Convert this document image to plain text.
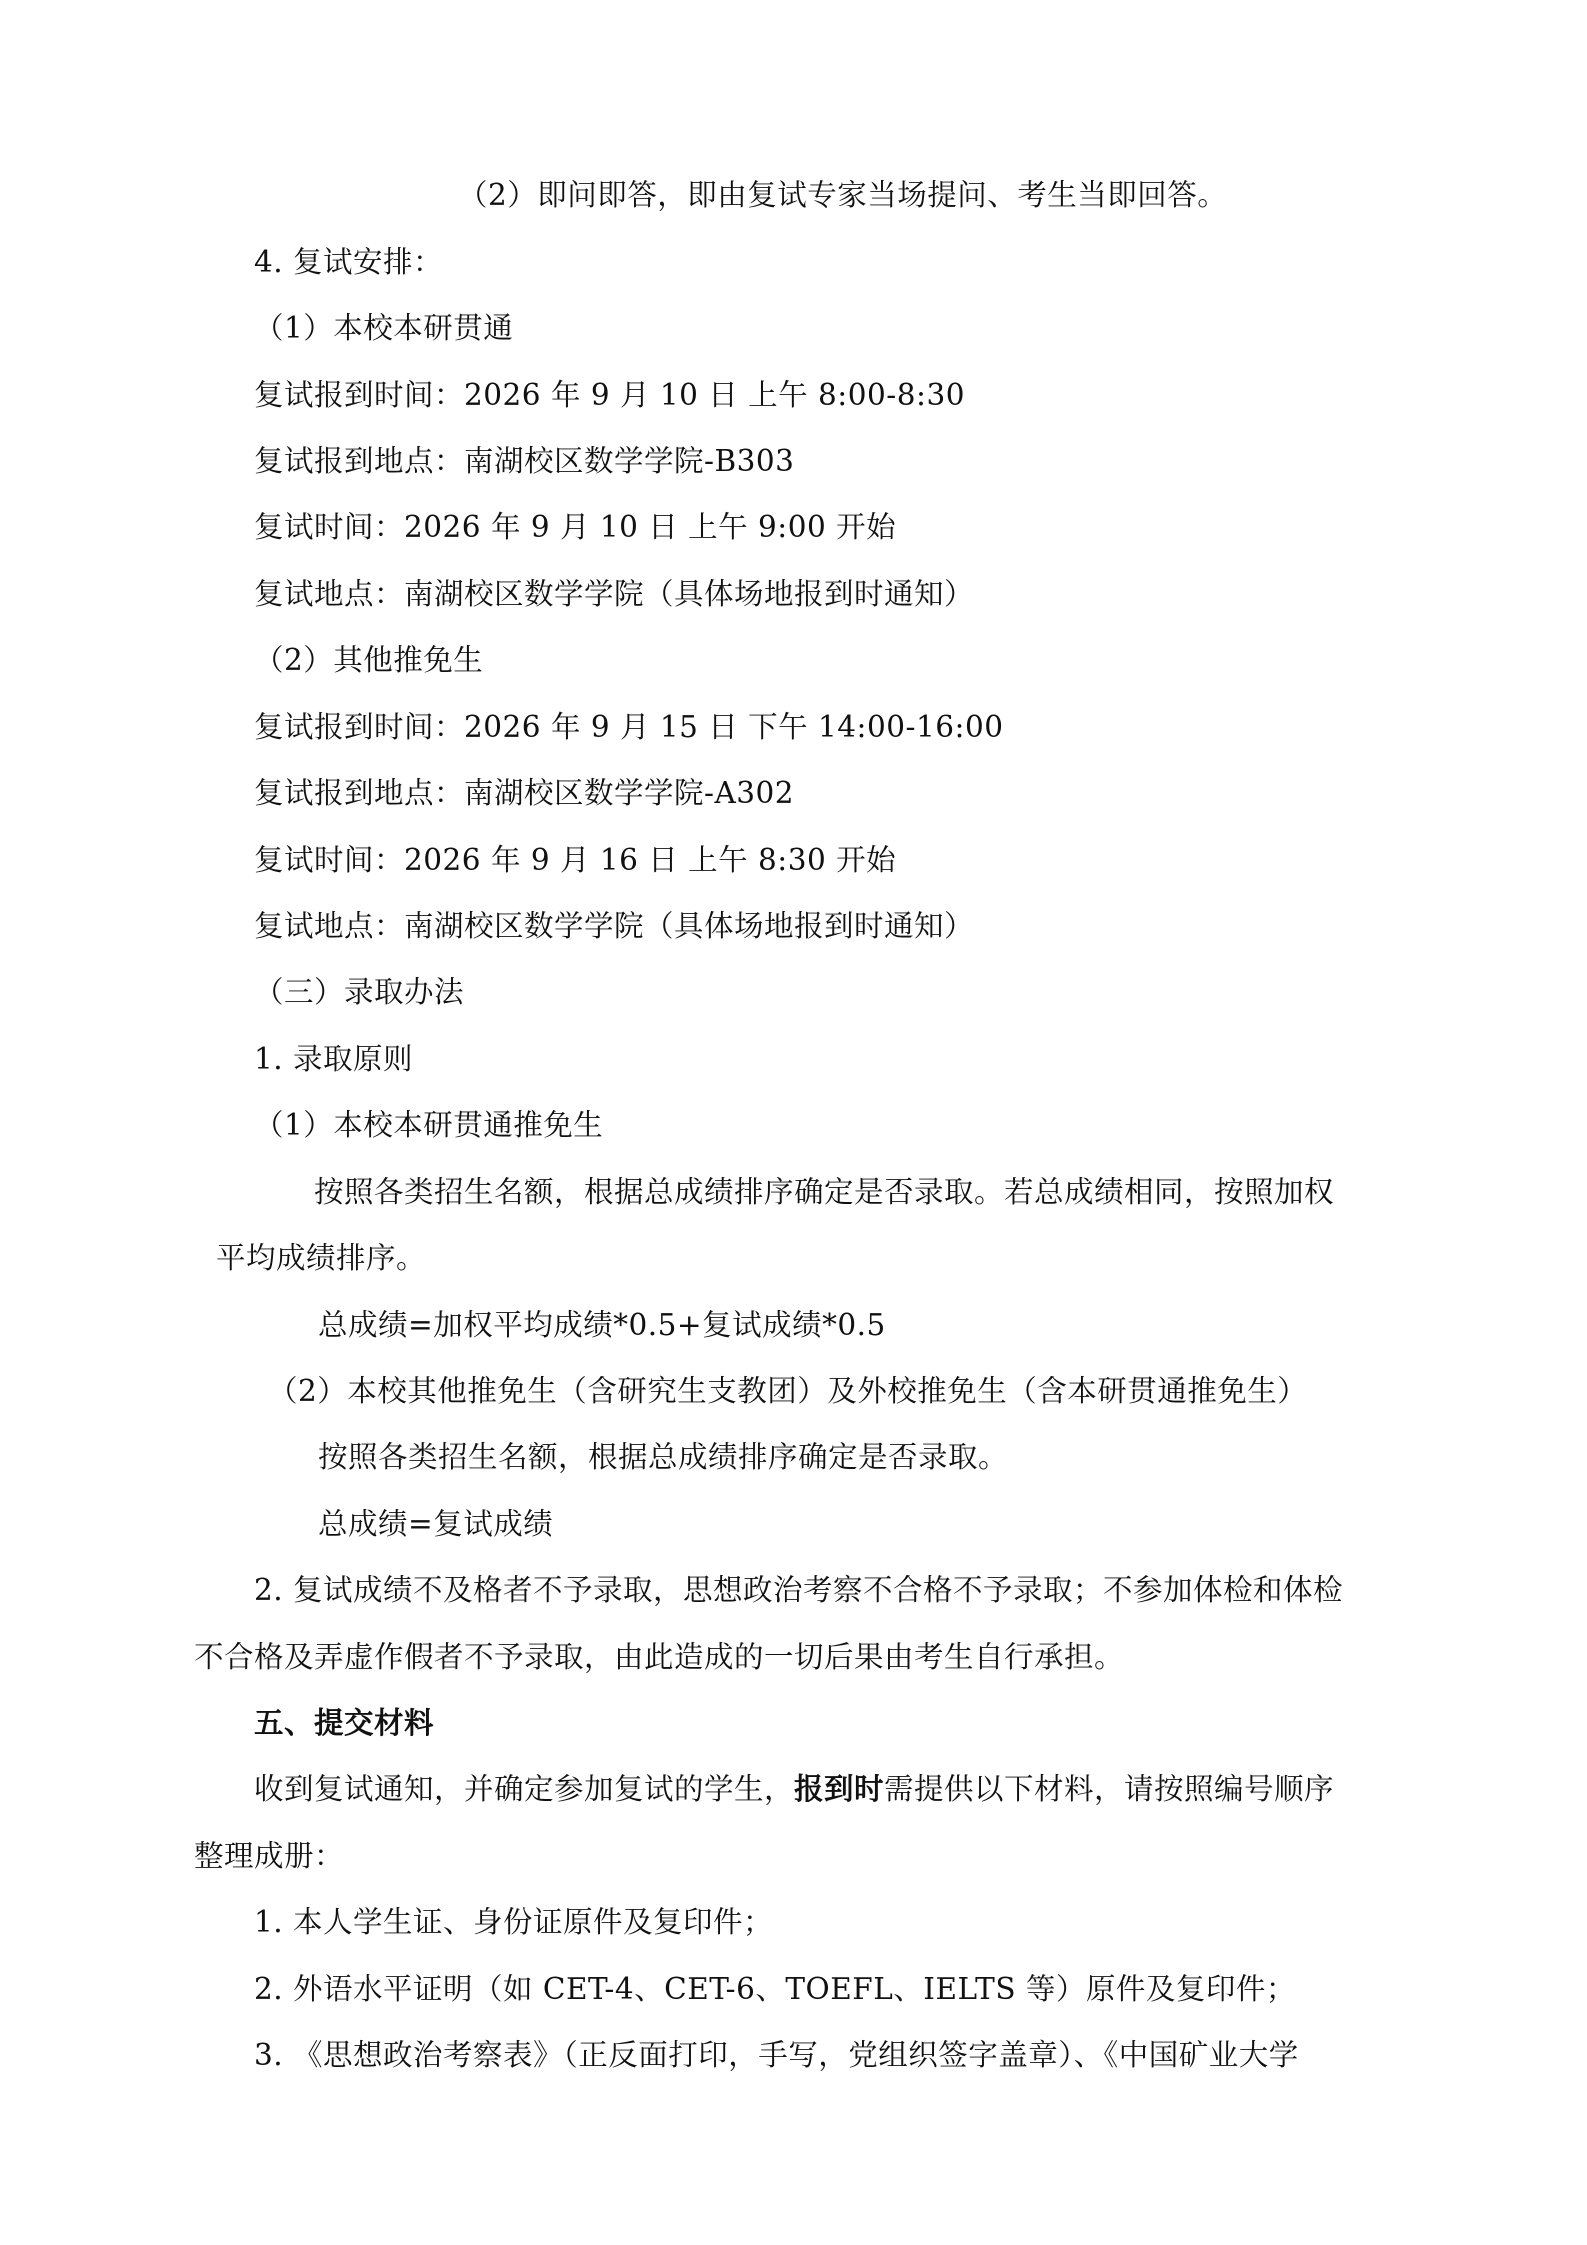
（2）即问即答，即由复试专家当场提问、考生当即回答。
4. 复试安排：
（1）本校本研贯通
复试报到时间：2026 年 9 月 10 日 上午 8:00-8:30
复试报到地点：南湖校区数学学院-B303
复试时间：2026 年 9 月 10 日 上午 9:00 开始
复试地点：南湖校区数学学院（具体场地报到时通知）
（2）其他推免生
复试报到时间：2026 年 9 月 15 日 下午 14:00-16:00
复试报到地点：南湖校区数学学院-A302
复试时间：2026 年 9 月 16 日 上午 8:30 开始
复试地点：南湖校区数学学院（具体场地报到时通知）
（三）录取办法
1. 录取原则
（1）本校本研贯通推免生
按照各类招生名额，根据总成绩排序确定是否录取。若总成绩相同，按照加权
平均成绩排序。
总成绩=加权平均成绩*0.5+复试成绩*0.5
（2）本校其他推免生（含研究生支教团）及外校推免生（含本研贯通推免生）
按照各类招生名额，根据总成绩排序确定是否录取。
总成绩=复试成绩
2. 复试成绩不及格者不予录取，思想政治考察不合格不予录取；不参加体检和体检
不合格及弄虚作假者不予录取，由此造成的一切后果由考生自行承担。
五、提交材料
收到复试通知，并确定参加复试的学生，报到时需提供以下材料，请按照编号顺序
整理成册：
1. 本人学生证、身份证原件及复印件；
2. 外语水平证明（如 CET-4、CET-6、TOEFL、IELTS 等）原件及复印件；
3. 《思想政治考察表》（正反面打印，手写，党组织签字盖章）、《中国矿业大学
